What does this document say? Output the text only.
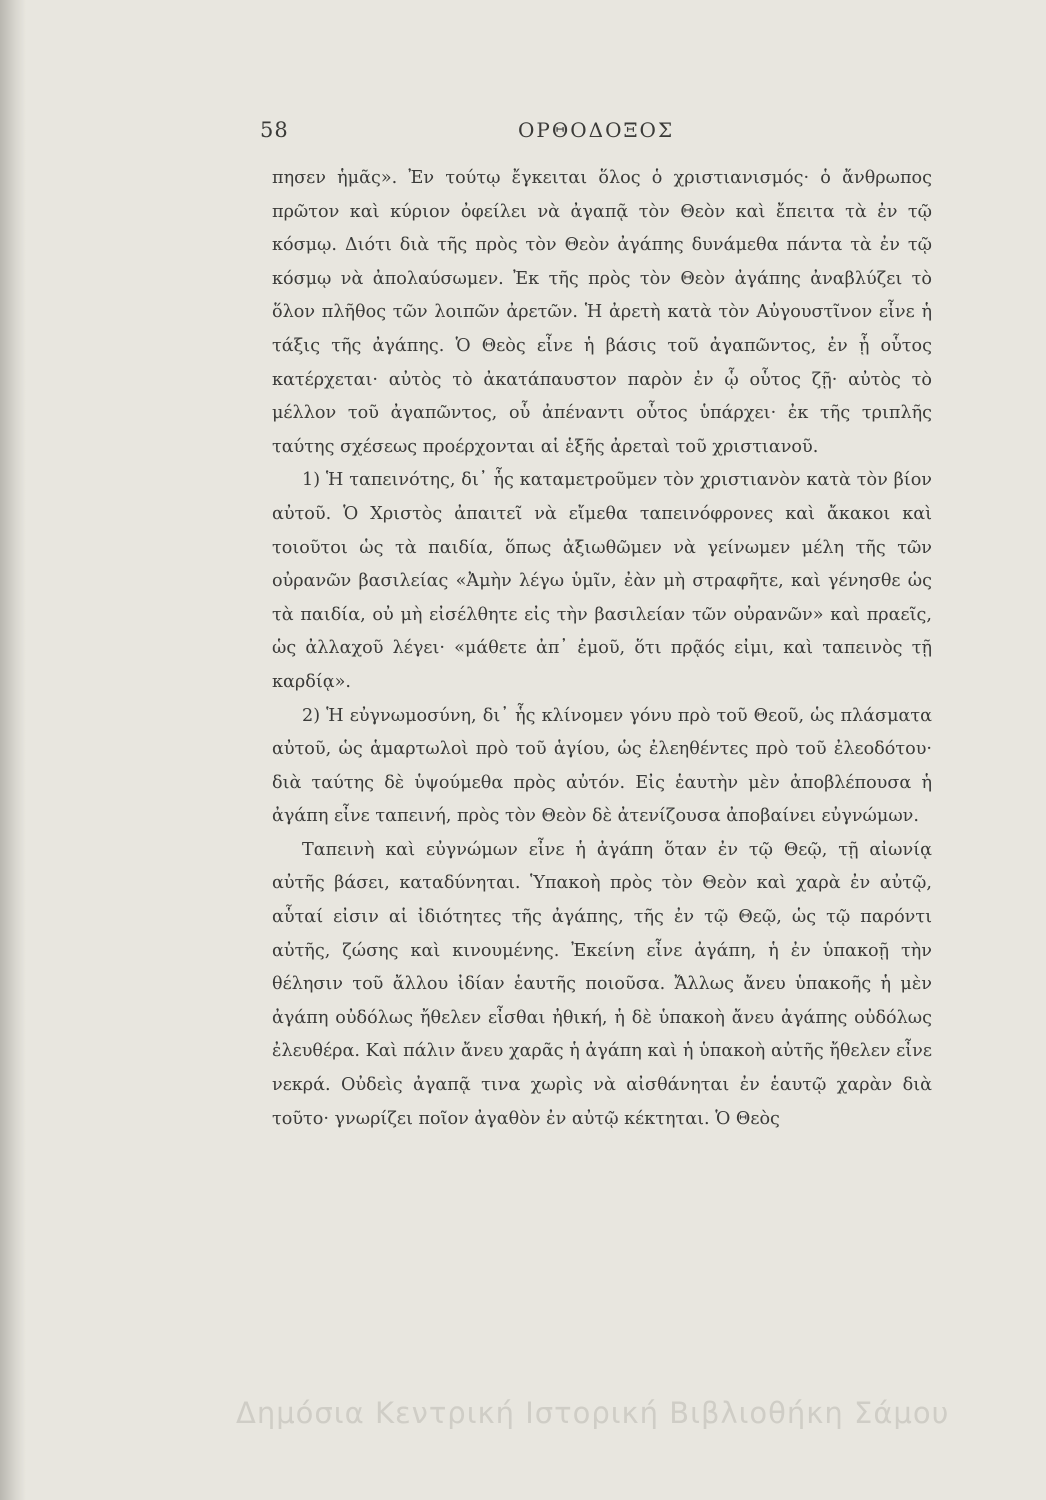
58	ΟΡΘΟΔΟΞΟΣ

πησεν ἡμᾶς». Ἐν τούτῳ ἔγκειται ὅλος ὁ χριστιανισμός· ὁ ἄνθρωπος πρῶτον καὶ κύριον ὀφείλει νὰ ἀγαπᾷ τὸν Θεὸν καὶ ἔπειτα τὰ ἐν τῷ κόσμῳ. Διότι διὰ τῆς πρὸς τὸν Θεὸν ἀγάπης δυνάμεθα πάντα τὰ ἐν τῷ κόσμῳ νὰ ἀπολαύσωμεν. Ἐκ τῆς πρὸς τὸν Θεὸν ἀγάπης ἀναβλύζει τὸ ὅλον πλῆθος τῶν λοιπῶν ἀρετῶν. Ἡ ἀρετὴ κατὰ τὸν Αὐγουστῖνον εἶνε ἡ τάξις τῆς ἀγάπης. Ὁ Θεὸς εἶνε ἡ βάσις τοῦ ἀγαπῶντος, ἐν ᾗ οὗτος κατέρχεται· αὐτὸς τὸ ἀκατάπαυστον παρὸν ἐν ᾧ οὗτος ζῇ· αὐτὸς τὸ μέλλον τοῦ ἀγαπῶντος, οὗ ἀπέναντι οὗτος ὑπάρχει· ἐκ τῆς τριπλῆς ταύτης σχέσεως προέρχονται αἱ ἑξῆς ἀρεταὶ τοῦ χριστιανοῦ.

1) Ἡ ταπεινότης, δι᾽ ἧς καταμετροῦμεν τὸν χριστιανὸν κατὰ τὸν βίον αὐτοῦ. Ὁ Χριστὸς ἀπαιτεῖ νὰ εἴμεθα ταπεινόφρονες καὶ ἄκακοι καὶ τοιοῦτοι ὡς τὰ παιδία, ὅπως ἀξιωθῶμεν νὰ γείνωμεν μέλη τῆς τῶν οὐρανῶν βασιλείας «Ἀμὴν λέγω ὑμῖν, ἐὰν μὴ στραφῆτε, καὶ γένησθε ὡς τὰ παιδία, οὐ μὴ εἰσέλθητε εἰς τὴν βασιλείαν τῶν οὐρανῶν» καὶ πραεῖς, ὡς ἀλλαχοῦ λέγει· «μάθετε ἀπ᾽ ἐμοῦ, ὅτι πρᾷός εἰμι, καὶ ταπεινὸς τῇ καρδίᾳ».

2) Ἡ εὐγνωμοσύνη, δι᾽ ἧς κλίνομεν γόνυ πρὸ τοῦ Θεοῦ, ὡς πλάσματα αὐτοῦ, ὡς ἁμαρτωλοὶ πρὸ τοῦ ἁγίου, ὡς ἐλεηθέντες πρὸ τοῦ ἐλεοδότου· διὰ ταύτης δὲ ὑψούμεθα πρὸς αὐτόν. Εἰς ἑαυτὴν μὲν ἀποβλέπουσα ἡ ἀγάπη εἶνε ταπεινή, πρὸς τὸν Θεὸν δὲ ἀτενίζουσα ἀποβαίνει εὐγνώμων.

Ταπεινὴ καὶ εὐγνώμων εἶνε ἡ ἀγάπη ὅταν ἐν τῷ Θεῷ, τῇ αἰωνίᾳ αὐτῆς βάσει, καταδύνηται. Ὑπακοὴ πρὸς τὸν Θεὸν καὶ χαρὰ ἐν αὐτῷ, αὗταί εἰσιν αἱ ἰδιότητες τῆς ἀγάπης, τῆς ἐν τῷ Θεῷ, ὡς τῷ παρόντι αὐτῆς, ζώσης καὶ κινουμένης. Ἐκείνη εἶνε ἀγάπη, ἡ ἐν ὑπακοῇ τὴν θέλησιν τοῦ ἄλλου ἰδίαν ἑαυτῆς ποιοῦσα. Ἄλλως ἄνευ ὑπακοῆς ἡ μὲν ἀγάπη οὐδόλως ἤθελεν εἶσθαι ἠθική, ἡ δὲ ὑπακοὴ ἄνευ ἀγάπης οὐδόλως ἐλευθέρα. Καὶ πάλιν ἄνευ χαρᾶς ἡ ἀγάπη καὶ ἡ ὑπακοὴ αὐτῆς ἤθελεν εἶνε νεκρά. Οὐδεὶς ἀγαπᾷ τινα χωρὶς νὰ αἰσθάνηται ἐν ἑαυτῷ χαρὰν διὰ τοῦτο· γνωρίζει ποῖον ἀγαθὸν ἐν αὐτῷ κέκτηται. Ὁ Θεὸς

Δημόσια Κεντρική Ιστορική Βιβλιοθήκη Σάμου
